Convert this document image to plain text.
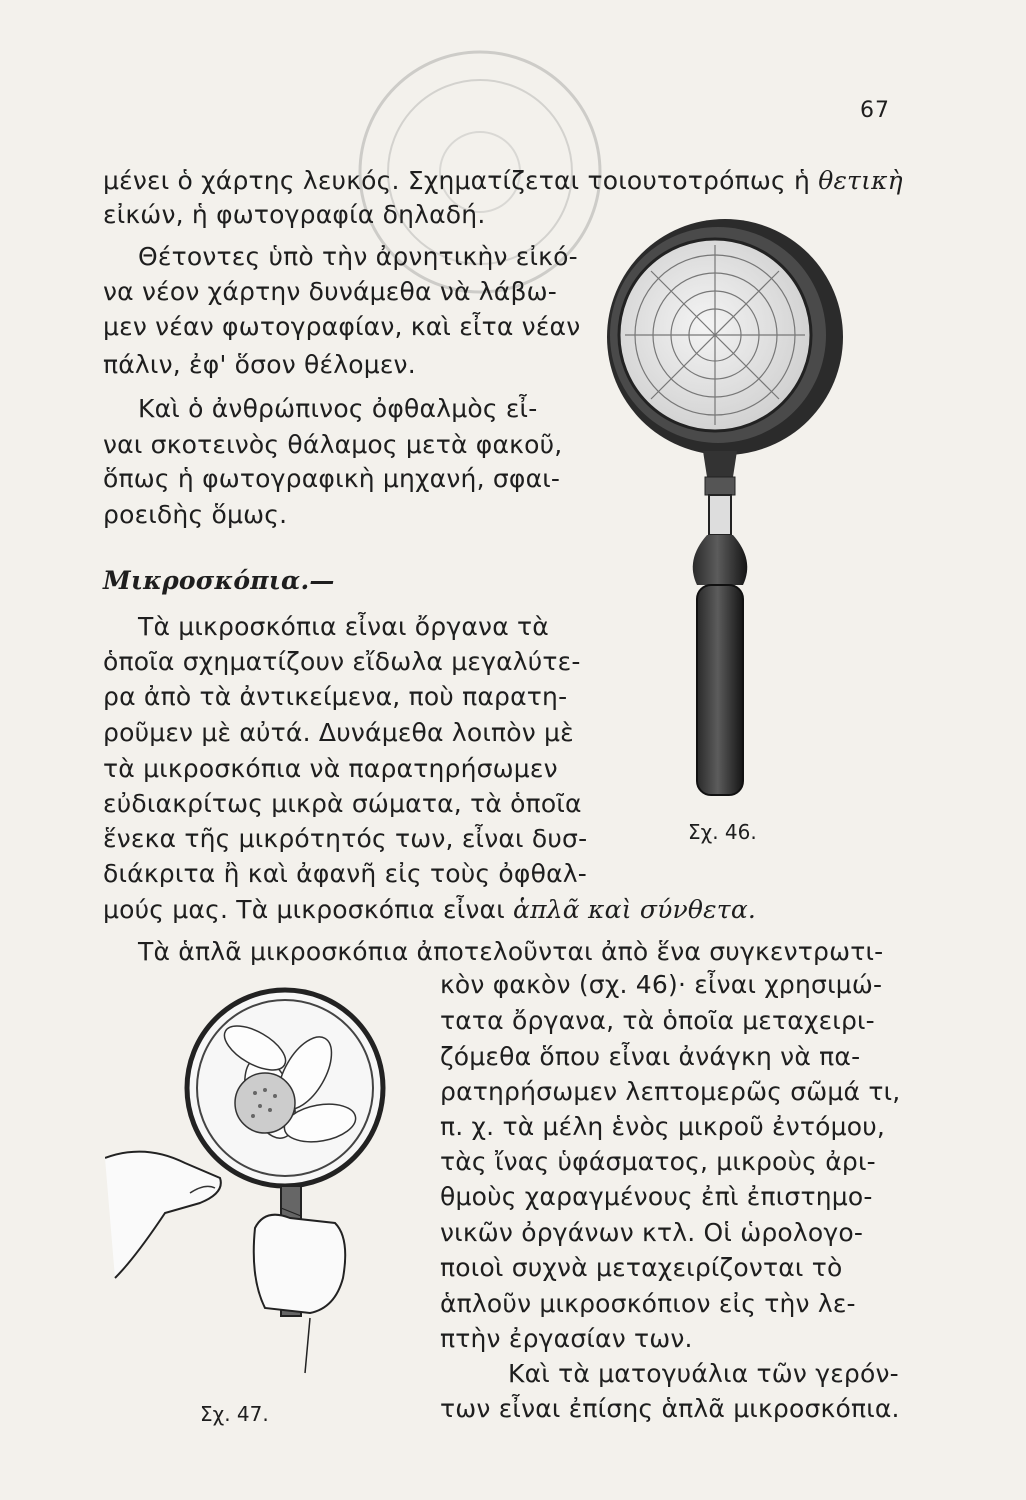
67
μένει ὁ χάρτης λευκός. Σχηματίζεται τοιουτοτρόπως ἡ θετικὴ
εἰκών, ἡ φωτογραφία δηλαδή.
Θέτοντες ὑπὸ τὴν ἀρνητικὴν εἰκό-
να νέον χάρτην δυνάμεθα νὰ λάβω-
μεν νέαν φωτογραφίαν, καὶ εἶτα νέαν
πάλιν, ἐφ' ὅσον θέλομεν.
Καὶ ὁ ἀνθρώπινος ὀφθαλμὸς εἶ-
ναι σκοτεινὸς θάλαμος μετὰ φακοῦ,
ὅπως ἡ φωτογραφικὴ μηχανή, σφαι-
ροειδὴς ὅμως.
Μικροσκόπια.—
Τὰ μικροσκόπια εἶναι ὄργανα τὰ
ὁποῖα σχηματίζουν εἴδωλα μεγαλύτε-
ρα ἀπὸ τὰ ἀντικείμενα, ποὺ παρατη-
ροῦμεν μὲ αὐτά. Δυνάμεθα λοιπὸν μὲ
τὰ μικροσκόπια νὰ παρατηρήσωμεν
εὐδιακρίτως μικρὰ σώματα, τὰ ὁποῖα
ἕνεκα τῆς μικρότητός των, εἶναι δυσ-
διάκριτα ἢ καὶ ἀφανῆ εἰς τοὺς ὀφθαλ-
μούς μας. Τὰ μικροσκόπια εἶναι ἁπλᾶ καὶ σύνθετα.
Τὰ ἁπλᾶ μικροσκόπια ἀποτελοῦνται ἀπὸ ἕνα συγκεντρωτι-
κὸν φακὸν (σχ. 46)· εἶναι χρησιμώ-
τατα ὄργανα, τὰ ὁποῖα μεταχειρι-
ζόμεθα ὅπου εἶναι ἀνάγκη νὰ πα-
ρατηρήσωμεν λεπτομερῶς σῶμά τι,
π. χ. τὰ μέλη ἑνὸς μικροῦ ἐντόμου,
τὰς ἴνας ὑφάσματος, μικροὺς ἀρι-
θμοὺς χαραγμένους ἐπὶ ἐπιστημο-
νικῶν ὀργάνων κτλ. Οἱ ὡρολογο-
ποιοὶ συχνὰ μεταχειρίζονται τὸ
ἁπλοῦν μικροσκόπιον εἰς τὴν λε-
πτὴν ἐργασίαν των.
Καὶ τὰ ματογυάλια τῶν γερόν-
των εἶναι ἐπίσης ἁπλᾶ μικροσκόπια.
Σχ. 46.
Σχ. 47.
